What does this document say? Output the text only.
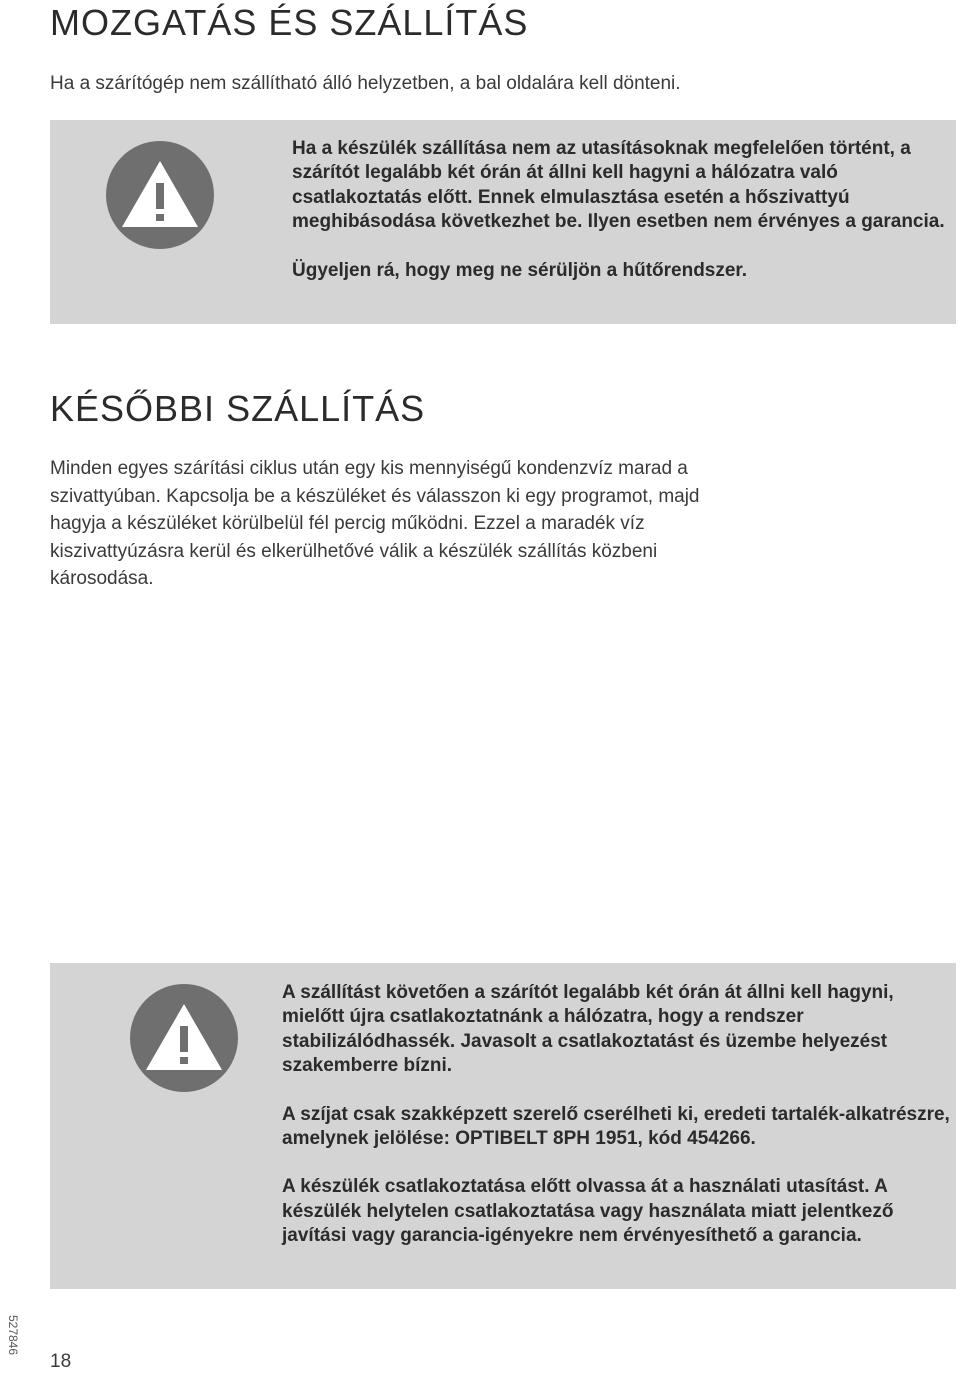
MOZGATÁS ÉS SZÁLLÍTÁS

Ha a szárítógép nem szállítható álló helyzetben, a bal oldalára kell dönteni.

Ha a készülék szállítása nem az utasításoknak megfelelően történt, a szárítót legalább két órán át állni kell hagyni a hálózatra való csatlakoztatás előtt. Ennek elmulasztása esetén a hőszivattyú meghibásodása következhet be. Ilyen esetben nem érvényes a garancia.

Ügyeljen rá, hogy meg ne sérüljön a hűtőrendszer.

KÉSŐBBI SZÁLLÍTÁS

Minden egyes szárítási ciklus után egy kis mennyiségű kondenzvíz marad a szivattyúban. Kapcsolja be a készüléket és válasszon ki egy programot, majd hagyja a készüléket körülbelül fél percig működni. Ezzel a maradék víz kiszivattyúzásra kerül és elkerülhetővé válik a készülék szállítás közbeni károsodása.

A szállítást követően a szárítót legalább két órán át állni kell hagyni, mielőtt újra csatlakoztatnánk a hálózatra, hogy a rendszer stabilizálódhassék. Javasolt a csatlakoztatást és üzembe helyezést szakemberre bízni.

A szíjat csak szakképzett szerelő cserélheti ki, eredeti tartalék-alkatrészre, amelynek jelölése: OPTIBELT 8PH 1951, kód 454266.

A készülék csatlakoztatása előtt olvassa át a használati utasítást. A készülék helytelen csatlakoztatása vagy használata miatt jelentkező javítási vagy garancia-igényekre nem érvényesíthető a garancia.

527846
18
